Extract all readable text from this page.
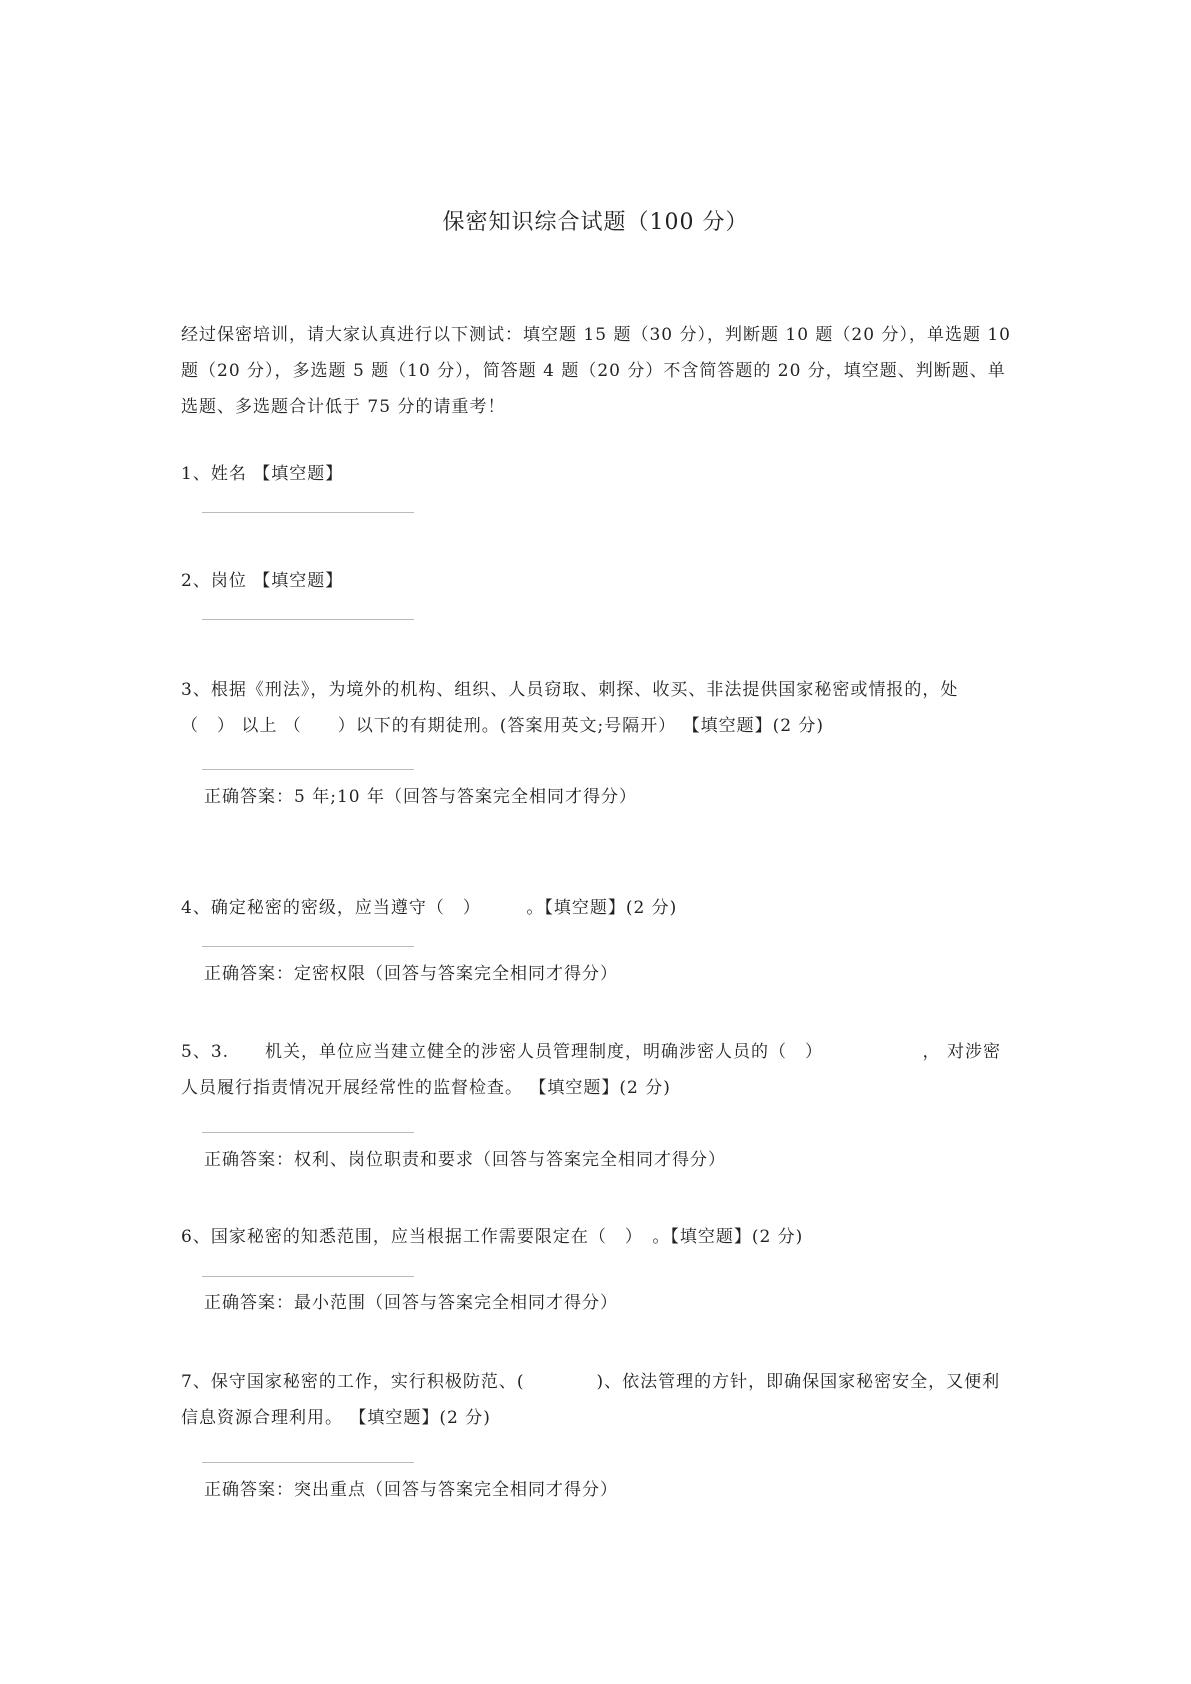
保密知识综合试题（100 分）
经过保密培训，请大家认真进行以下测试：填空题 15 题（30 分），判断题 10 题（20 分），单选题 10 题（20 分），多选题 5 题（10 分），简答题 4 题（20 分）不含简答题的 20 分，填空题、判断题、单选题、多选题合计低于 75 分的请重考！
1、姓名 【填空题】
2、岗位 【填空题】
3、根据《刑法》，为境外的机构、组织、人员窃取、刺探、收买、非法提供国家秘密或情报的，处 （　） 以上 （　　）以下的有期徒刑。(答案用英文;号隔开） 【填空题】(2 分)
正确答案：5 年;10 年（回答与答案完全相同才得分）
4、确定秘密的密级，应当遵守（　）　　　。【填空题】(2 分)
正确答案：定密权限（回答与答案完全相同才得分）
5、3.　　机关，单位应当建立健全的涉密人员管理制度，明确涉密人员的（　）　　　　　　， 对涉密人员履行指责情况开展经常性的监督检查。 【填空题】(2 分)
正确答案：权利、岗位职责和要求（回答与答案完全相同才得分）
6、国家秘密的知悉范围，应当根据工作需要限定在（　）　。【填空题】(2 分)
正确答案：最小范围（回答与答案完全相同才得分）
7、保守国家秘密的工作，实行积极防范、(　　　　)、依法管理的方针，即确保国家秘密安全，又便利信息资源合理利用。 【填空题】(2 分)
正确答案：突出重点（回答与答案完全相同才得分）
